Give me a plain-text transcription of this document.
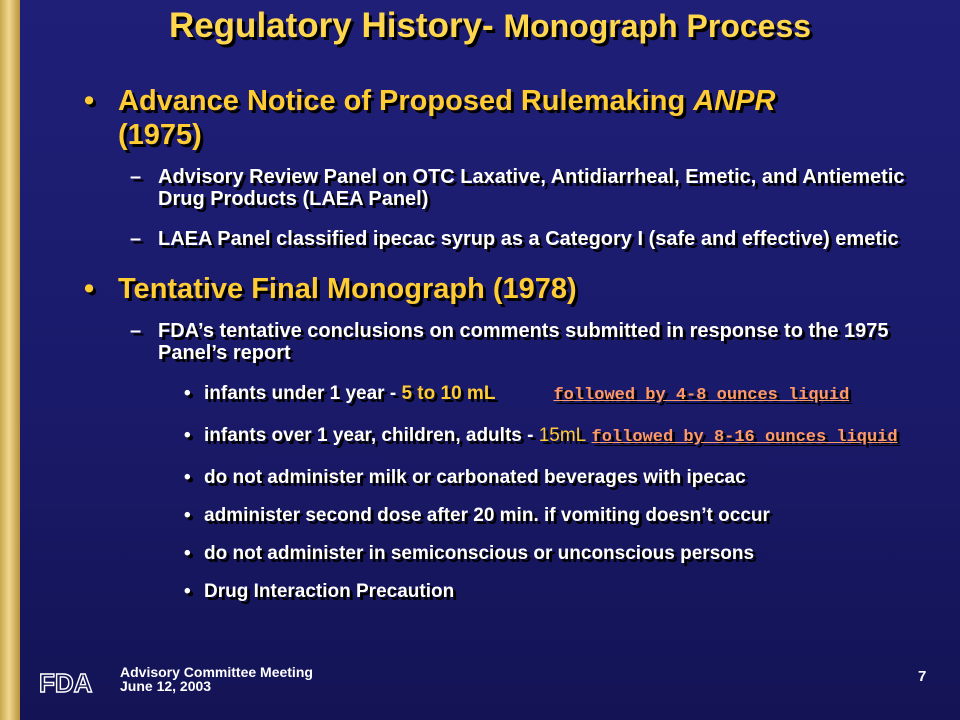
Regulatory History- Monograph Process
• Advance Notice of Proposed Rulemaking ANPR
(1975)
– Advisory Review Panel on OTC Laxative, Antidiarrheal, Emetic, and Antiemetic Drug Products (LAEA Panel)
– LAEA Panel classified ipecac syrup as a Category I (safe and effective) emetic
• Tentative Final Monograph (1978)
– FDA’s tentative conclusions on comments submitted in response to the 1975 Panel’s report
• infants under 1 year - 5 to 10 mL	followed by 4-8 ounces liquid
• infants over 1 year, children, adults - 15mL followed by 8-16 ounces liquid
• do not administer milk or carbonated beverages with ipecac
• administer second dose after 20 min. if vomiting doesn’t occur
• do not administer in semiconscious or unconscious persons
• Drug Interaction Precaution
FDA Advisory Committee Meeting
June 12, 2003
7
